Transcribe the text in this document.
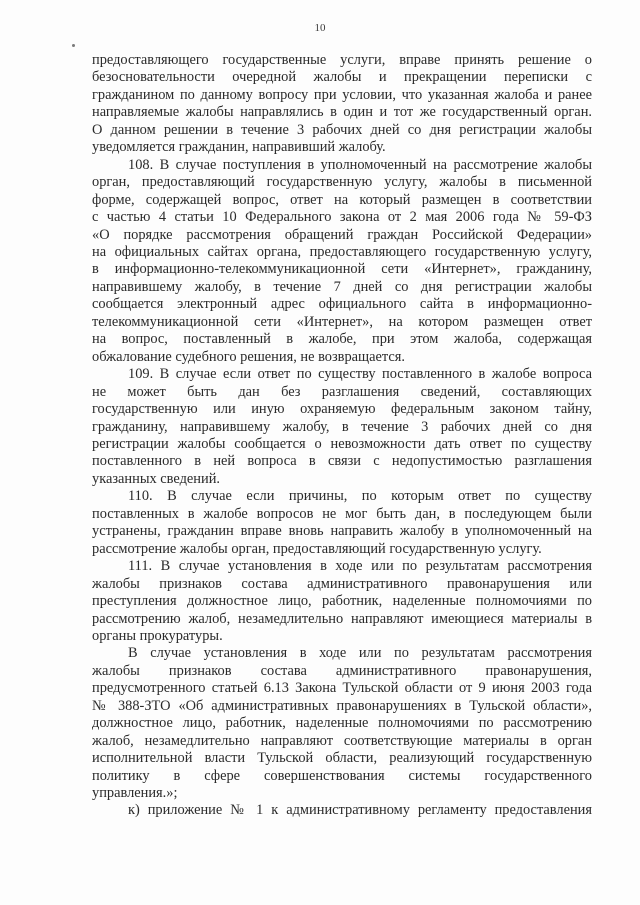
10
предоставляющего государственные услуги, вправе принять решение о
безосновательности очередной жалобы и прекращении переписки с
гражданином по данному вопросу при условии, что указанная жалоба и ранее
направляемые жалобы направлялись в один и тот же государственный орган.
О данном решении в течение 3 рабочих дней со дня регистрации жалобы
уведомляется гражданин, направивший жалобу.
108. В случае поступления в уполномоченный на рассмотрение жалобы
орган, предоставляющий государственную услугу, жалобы в письменной
форме, содержащей вопрос, ответ на который размещен в соответствии
с частью 4 статьи 10 Федерального закона от 2 мая 2006 года № 59-ФЗ
«О порядке рассмотрения обращений граждан Российской Федерации»
на официальных сайтах органа, предоставляющего государственную услугу,
в информационно-телекоммуникационной сети «Интернет», гражданину,
направившему жалобу, в течение 7 дней со дня регистрации жалобы
сообщается электронный адрес официального сайта в информационно-
телекоммуникационной сети «Интернет», на котором размещен ответ
на вопрос, поставленный в жалобе, при этом жалоба, содержащая
обжалование судебного решения, не возвращается.
109. В случае если ответ по существу поставленного в жалобе вопроса
не может быть дан без разглашения сведений, составляющих
государственную или иную охраняемую федеральным законом тайну,
гражданину, направившему жалобу, в течение 3 рабочих дней со дня
регистрации жалобы сообщается о невозможности дать ответ по существу
поставленного в ней вопроса в связи с недопустимостью разглашения
указанных сведений.
110. В случае если причины, по которым ответ по существу
поставленных в жалобе вопросов не мог быть дан, в последующем были
устранены, гражданин вправе вновь направить жалобу в уполномоченный на
рассмотрение жалобы орган, предоставляющий государственную услугу.
111. В случае установления в ходе или по результатам рассмотрения
жалобы признаков состава административного правонарушения или
преступления должностное лицо, работник, наделенные полномочиями по
рассмотрению жалоб, незамедлительно направляют имеющиеся материалы в
органы прокуратуры.
В случае установления в ходе или по результатам рассмотрения
жалобы признаков состава административного правонарушения,
предусмотренного статьей 6.13 Закона Тульской области от 9 июня 2003 года
№ 388-ЗТО «Об административных правонарушениях в Тульской области»,
должностное лицо, работник, наделенные полномочиями по рассмотрению
жалоб, незамедлительно направляют соответствующие материалы в орган
исполнительной власти Тульской области, реализующий государственную
политику в сфере совершенствования системы государственного
управления.»;
к) приложение № 1 к административному регламенту предоставления
